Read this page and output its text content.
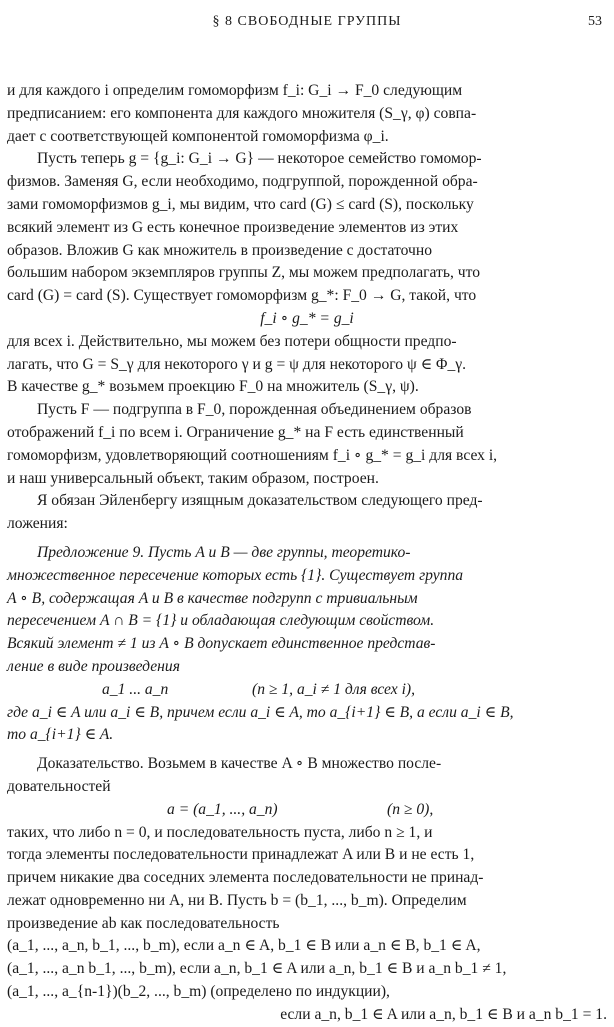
§ 8 СВОБОДНЫЕ ГРУППЫ	53

и для каждого i определим гомоморфизм f_i: G_i → F_0 следующим

предписанием: его компонента для каждого множителя (S_γ, φ) совпа-

дает с соответствующей компонентой гомоморфизма φ_i.

Пусть теперь g = {g_i: G_i → G} — некоторое семейство гомомор-

физмов. Заменяя G, если необходимо, подгруппой, порожденной обра-

зами гомоморфизмов g_i, мы видим, что card (G) ≤ card (S), поскольку

всякий элемент из G есть конечное произведение элементов из этих

образов. Вложив G как множитель в произведение с достаточно

большим набором экземпляров группы Z, мы можем предполагать, что

card (G) = card (S). Существует гомоморфизм g_*: F_0 → G, такой, что

f_i ∘ g_* = g_i

для всех i. Действительно, мы можем без потери общности предпо-

лагать, что G = S_γ для некоторого γ и g = ψ для некоторого ψ ∈ Φ_γ.

В качестве g_* возьмем проекцию F_0 на множитель (S_γ, ψ).

Пусть F — подгруппа в F_0, порожденная объединением образов

отображений f_i по всем i. Ограничение g_* на F есть единственный

гомоморфизм, удовлетворяющий соотношениям f_i ∘ g_* = g_i для всех i,

и наш универсальный объект, таким образом, построен.

Я обязан Эйленбергу изящным доказательством следующего пред-

ложения:

Предложение 9. Пусть A и B — две группы, теоретико-

множественное пересечение которых есть {1}. Существует группа

A ∘ B, содержащая A и B в качестве подгрупп с тривиальным

пересечением A ∩ B = {1} и обладающая следующим свойством.

Всякий элемент ≠ 1 из A ∘ B допускает единственное представ-

ление в виде произведения

a_1 ... a_n	(n ≥ 1, a_i ≠ 1 для всех i),

где a_i ∈ A или a_i ∈ B, причем если a_i ∈ A, то a_{i+1} ∈ B, а если a_i ∈ B,

то a_{i+1} ∈ A.

Доказательство. Возьмем в качестве A ∘ B множество после-

довательностей

a = (a_1, ..., a_n)	(n ≥ 0),

таких, что либо n = 0, и последовательность пуста, либо n ≥ 1, и

тогда элементы последовательности принадлежат A или B и не есть 1,

причем никакие два соседних элемента последовательности не принад-

лежат одновременно ни A, ни B. Пусть b = (b_1, ..., b_m). Определим

произведение ab как последовательность

(a_1, ..., a_n, b_1, ..., b_m), если a_n ∈ A, b_1 ∈ B или a_n ∈ B, b_1 ∈ A,

(a_1, ..., a_n b_1, ..., b_m), если a_n, b_1 ∈ A или a_n, b_1 ∈ B и a_n b_1 ≠ 1,

(a_1, ..., a_{n-1})(b_2, ..., b_m) (определено по индукции),

если a_n, b_1 ∈ A или a_n, b_1 ∈ B и a_n b_1 = 1.
